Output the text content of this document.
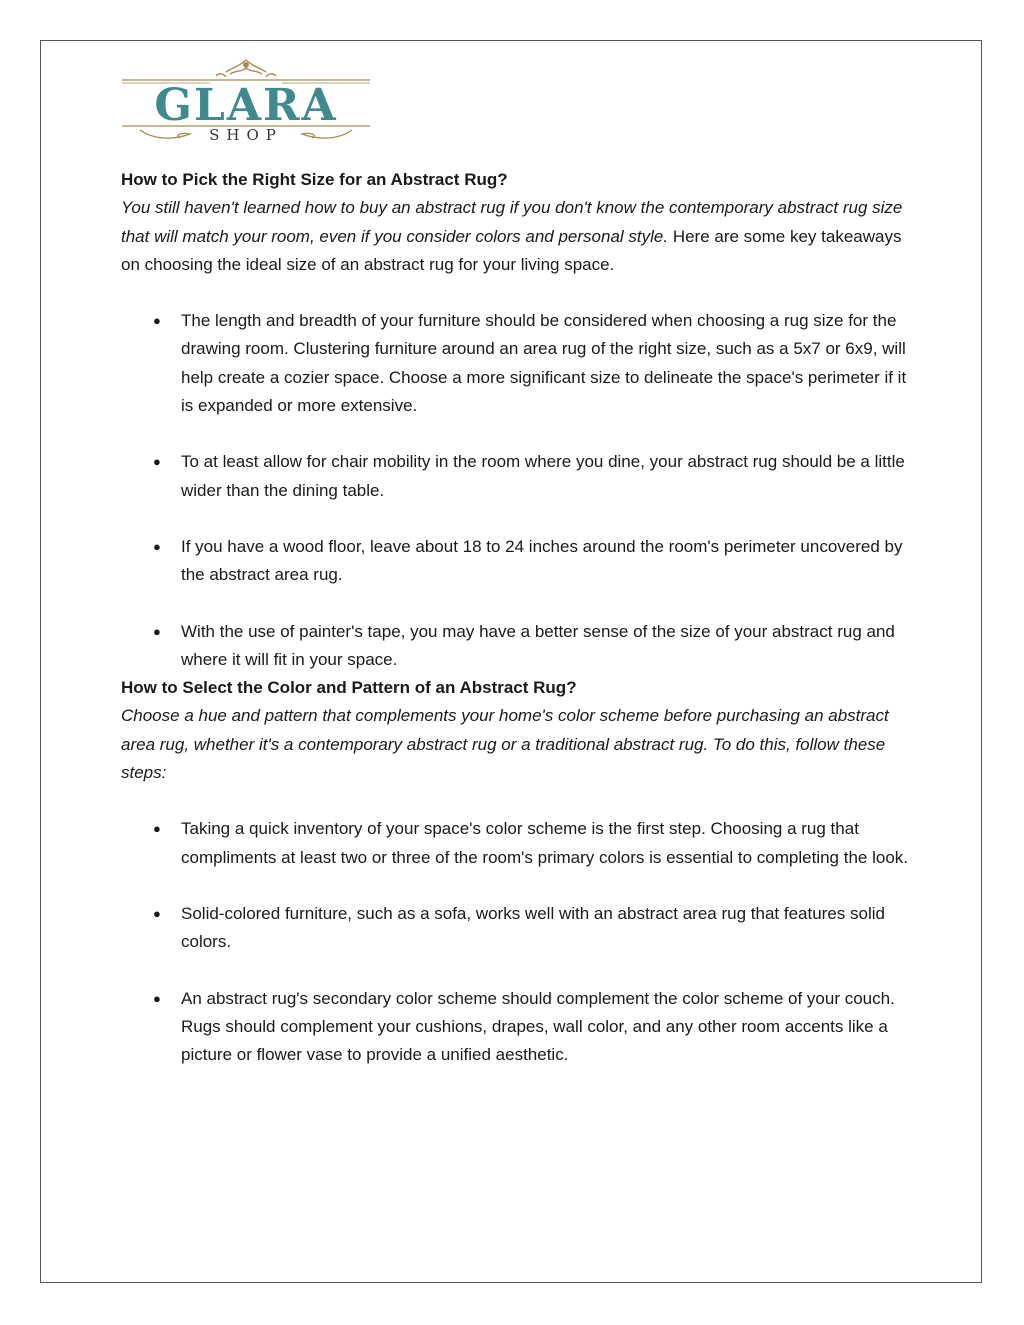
GLARA
SHOP

How to Pick the Right Size for an Abstract Rug?

You still haven't learned how to buy an abstract rug if you don't know the contemporary abstract rug size that will match your room, even if you consider colors and personal style. Here are some key takeaways on choosing the ideal size of an abstract rug for your living space.

● The length and breadth of your furniture should be considered when choosing a rug size for the drawing room. Clustering furniture around an area rug of the right size, such as a 5x7 or 6x9, will help create a cozier space. Choose a more significant size to delineate the space's perimeter if it is expanded or more extensive.
● To at least allow for chair mobility in the room where you dine, your abstract rug should be a little wider than the dining table.
● If you have a wood floor, leave about 18 to 24 inches around the room's perimeter uncovered by the abstract area rug.
● With the use of painter's tape, you may have a better sense of the size of your abstract rug and where it will fit in your space.

How to Select the Color and Pattern of an Abstract Rug?

Choose a hue and pattern that complements your home's color scheme before purchasing an abstract area rug, whether it's a contemporary abstract rug or a traditional abstract rug. To do this, follow these steps:

● Taking a quick inventory of your space's color scheme is the first step. Choosing a rug that compliments at least two or three of the room's primary colors is essential to completing the look.
● Solid-colored furniture, such as a sofa, works well with an abstract area rug that features solid colors.
● An abstract rug's secondary color scheme should complement the color scheme of your couch. Rugs should complement your cushions, drapes, wall color, and any other room accents like a picture or flower vase to provide a unified aesthetic.
